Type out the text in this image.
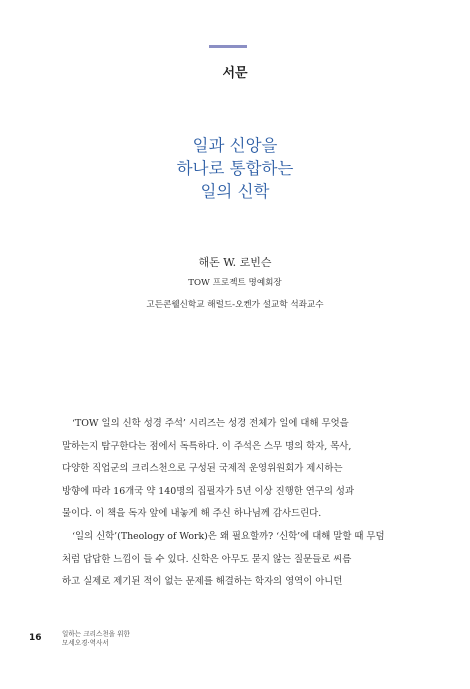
서문
일과 신앙을
하나로 통합하는
일의 신학
해돈 W. 로빈슨
TOW 프로젝트 명예회장
고든콘웰신학교 해럴드-오켄가 설교학 석좌교수
‘TOW 일의 신학 성경 주석’ 시리즈는 성경 전체가 일에 대해 무엇을
말하는지 탐구한다는 점에서 독특하다. 이 주석은 스무 명의 학자, 목사,
다양한 직업군의 크리스천으로 구성된 국제적 운영위원회가 제시하는
방향에 따라 16개국 약 140명의 집필자가 5년 이상 진행한 연구의 성과
물이다. 이 책을 독자 앞에 내놓게 해 주신 하나님께 감사드린다.
‘일의 신학’(Theology of Work)은 왜 필요할까? ‘신학’에 대해 말할 때 무덤
처럼 답답한 느낌이 들 수 있다. 신학은 아무도 묻지 않는 질문들로 씨름
하고 실제로 제기된 적이 없는 문제를 해결하는 학자의 영역이 아니던
16	일하는 크리스천을 위한
모세오경·역사서
